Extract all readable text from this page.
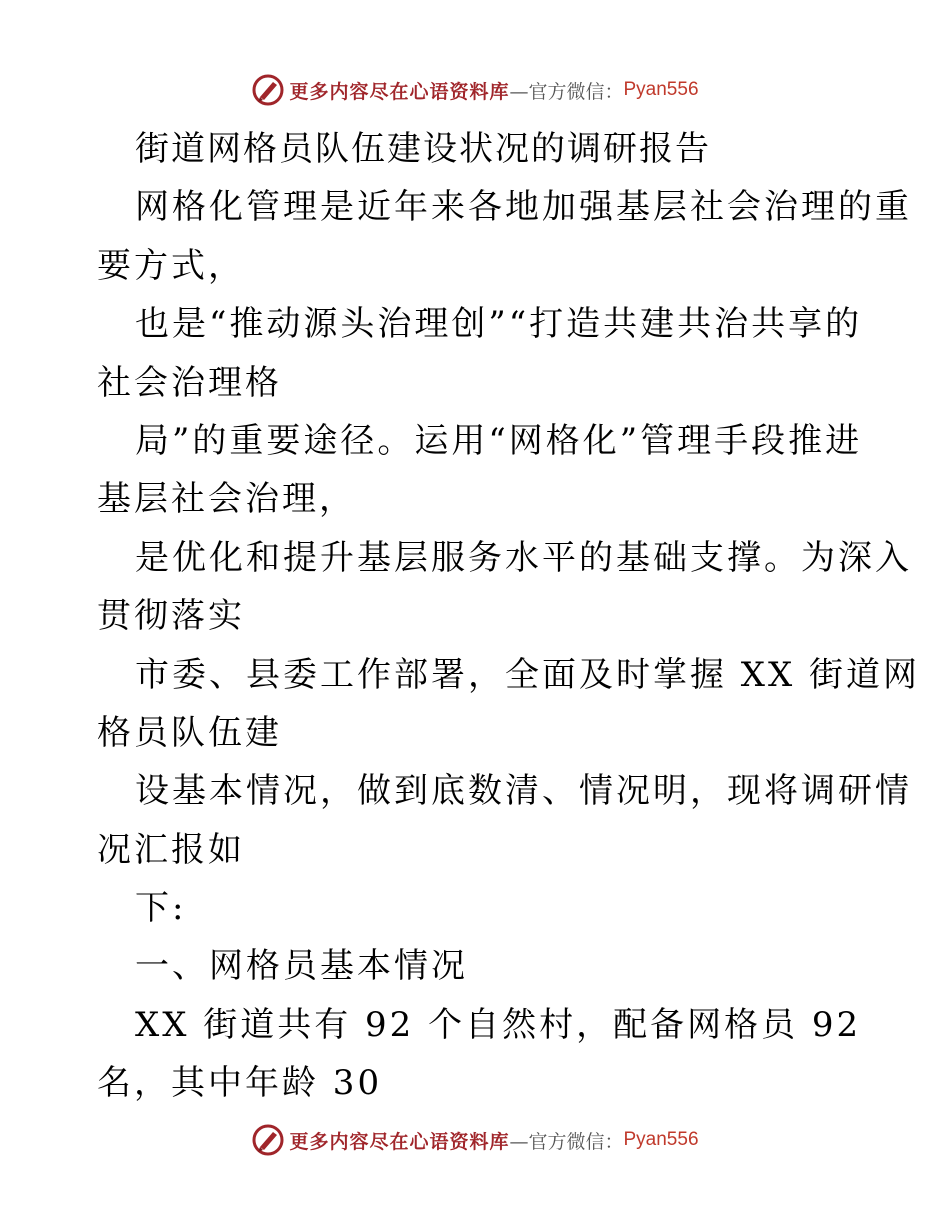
更多内容尽在心语资料库 —官方微信： Pyan556
街道网格员队伍建设状况的调研报告
网格化管理是近年来各地加强基层社会治理的重
要方式，
也是“推动源头治理创”“打造共建共治共享的
社会治理格
局”的重要途径。运用“网格化”管理手段推进
基层社会治理，
是优化和提升基层服务水平的基础支撑。为深入
贯彻落实
市委、县委工作部署，全面及时掌握 XX 街道网
格员队伍建
设基本情况，做到底数清、情况明，现将调研情
况汇报如
下:
一、网格员基本情况
XX 街道共有 92 个自然村，配备网格员 92
名，其中年龄 30
更多内容尽在心语资料库 —官方微信： Pyan556
